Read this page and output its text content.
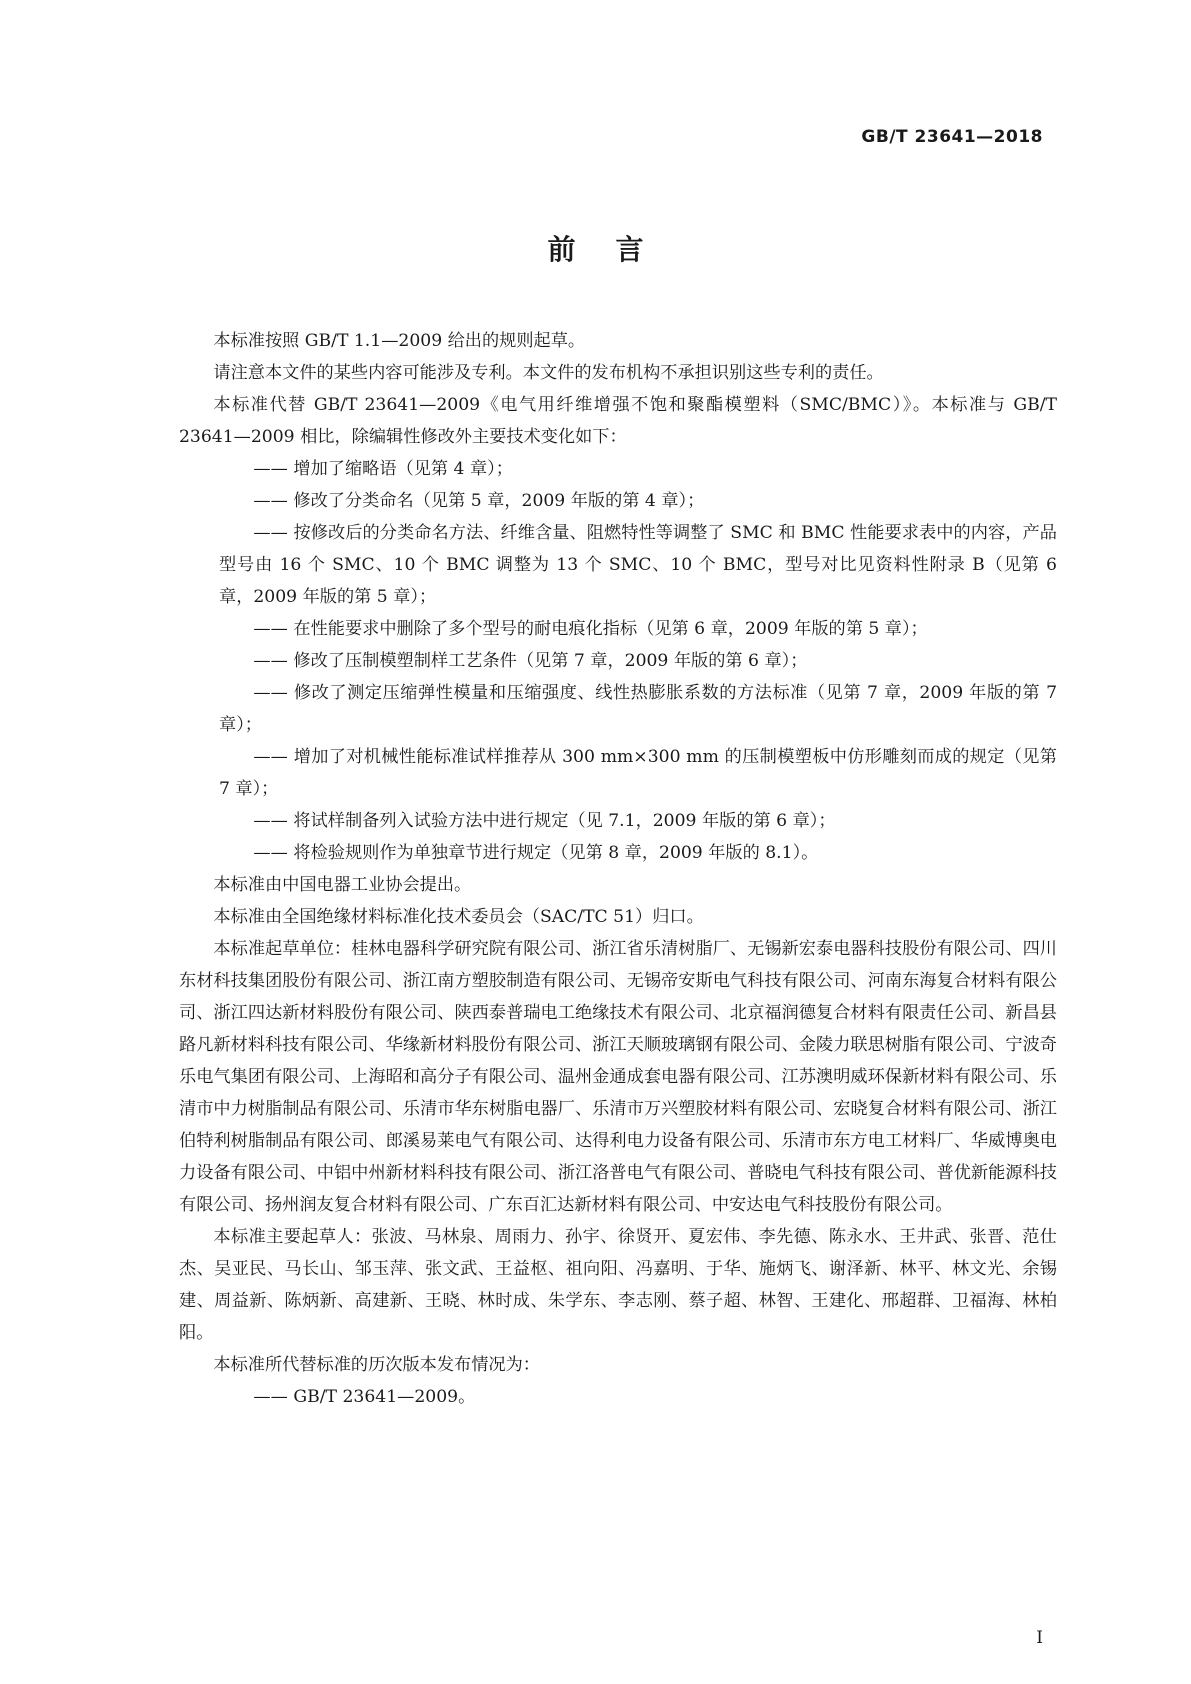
GB/T 23641—2018
前言

本标准按照 GB/T 1.1—2009 给出的规则起草。

请注意本文件的某些内容可能涉及专利。本文件的发布机构不承担识别这些专利的责任。

本标准代替 GB/T 23641—2009《电气用纤维增强不饱和聚酯模塑料（SMC/BMC）》。本标准与 GB/T 23641—2009 相比，除编辑性修改外主要技术变化如下：

—— 增加了缩略语（见第 4 章）；

—— 修改了分类命名（见第 5 章，2009 年版的第 4 章）；

—— 按修改后的分类命名方法、纤维含量、阻燃特性等调整了 SMC 和 BMC 性能要求表中的内容，产品型号由 16 个 SMC、10 个 BMC 调整为 13 个 SMC、10 个 BMC，型号对比见资料性附录 B（见第 6 章，2009 年版的第 5 章）；

—— 在性能要求中删除了多个型号的耐电痕化指标（见第 6 章，2009 年版的第 5 章）；

—— 修改了压制模塑制样工艺条件（见第 7 章，2009 年版的第 6 章）；

—— 修改了测定压缩弹性模量和压缩强度、线性热膨胀系数的方法标准（见第 7 章，2009 年版的第 7 章）；

—— 增加了对机械性能标准试样推荐从 300 mm×300 mm 的压制模塑板中仿形雕刻而成的规定（见第 7 章）；

—— 将试样制备列入试验方法中进行规定（见 7.1，2009 年版的第 6 章）；

—— 将检验规则作为单独章节进行规定（见第 8 章，2009 年版的 8.1）。

本标准由中国电器工业协会提出。

本标准由全国绝缘材料标准化技术委员会（SAC/TC 51）归口。

本标准起草单位：桂林电器科学研究院有限公司、浙江省乐清树脂厂、无锡新宏泰电器科技股份有限公司、四川东材科技集团股份有限公司、浙江南方塑胶制造有限公司、无锡帝安斯电气科技有限公司、河南东海复合材料有限公司、浙江四达新材料股份有限公司、陕西泰普瑞电工绝缘技术有限公司、北京福润德复合材料有限责任公司、新昌县路凡新材料科技有限公司、华缘新材料股份有限公司、浙江天顺玻璃钢有限公司、金陵力联思树脂有限公司、宁波奇乐电气集团有限公司、上海昭和高分子有限公司、温州金通成套电器有限公司、江苏澳明威环保新材料有限公司、乐清市中力树脂制品有限公司、乐清市华东树脂电器厂、乐清市万兴塑胶材料有限公司、宏晓复合材料有限公司、浙江伯特利树脂制品有限公司、郎溪易莱电气有限公司、达得利电力设备有限公司、乐清市东方电工材料厂、华威博奥电力设备有限公司、中铝中州新材料科技有限公司、浙江洛普电气有限公司、普晓电气科技有限公司、普优新能源科技有限公司、扬州润友复合材料有限公司、广东百汇达新材料有限公司、中安达电气科技股份有限公司。

本标准主要起草人：张波、马林泉、周雨力、孙宇、徐贤开、夏宏伟、李先德、陈永水、王井武、张晋、范仕杰、吴亚民、马长山、邹玉萍、张文武、王益枢、祖向阳、冯嘉明、于华、施炳飞、谢泽新、林平、林文光、余锡建、周益新、陈炳新、高建新、王晓、林时成、朱学东、李志刚、蔡子超、林智、王建化、邢超群、卫福海、林柏阳。

本标准所代替标准的历次版本发布情况为：

—— GB/T 23641—2009。

I
